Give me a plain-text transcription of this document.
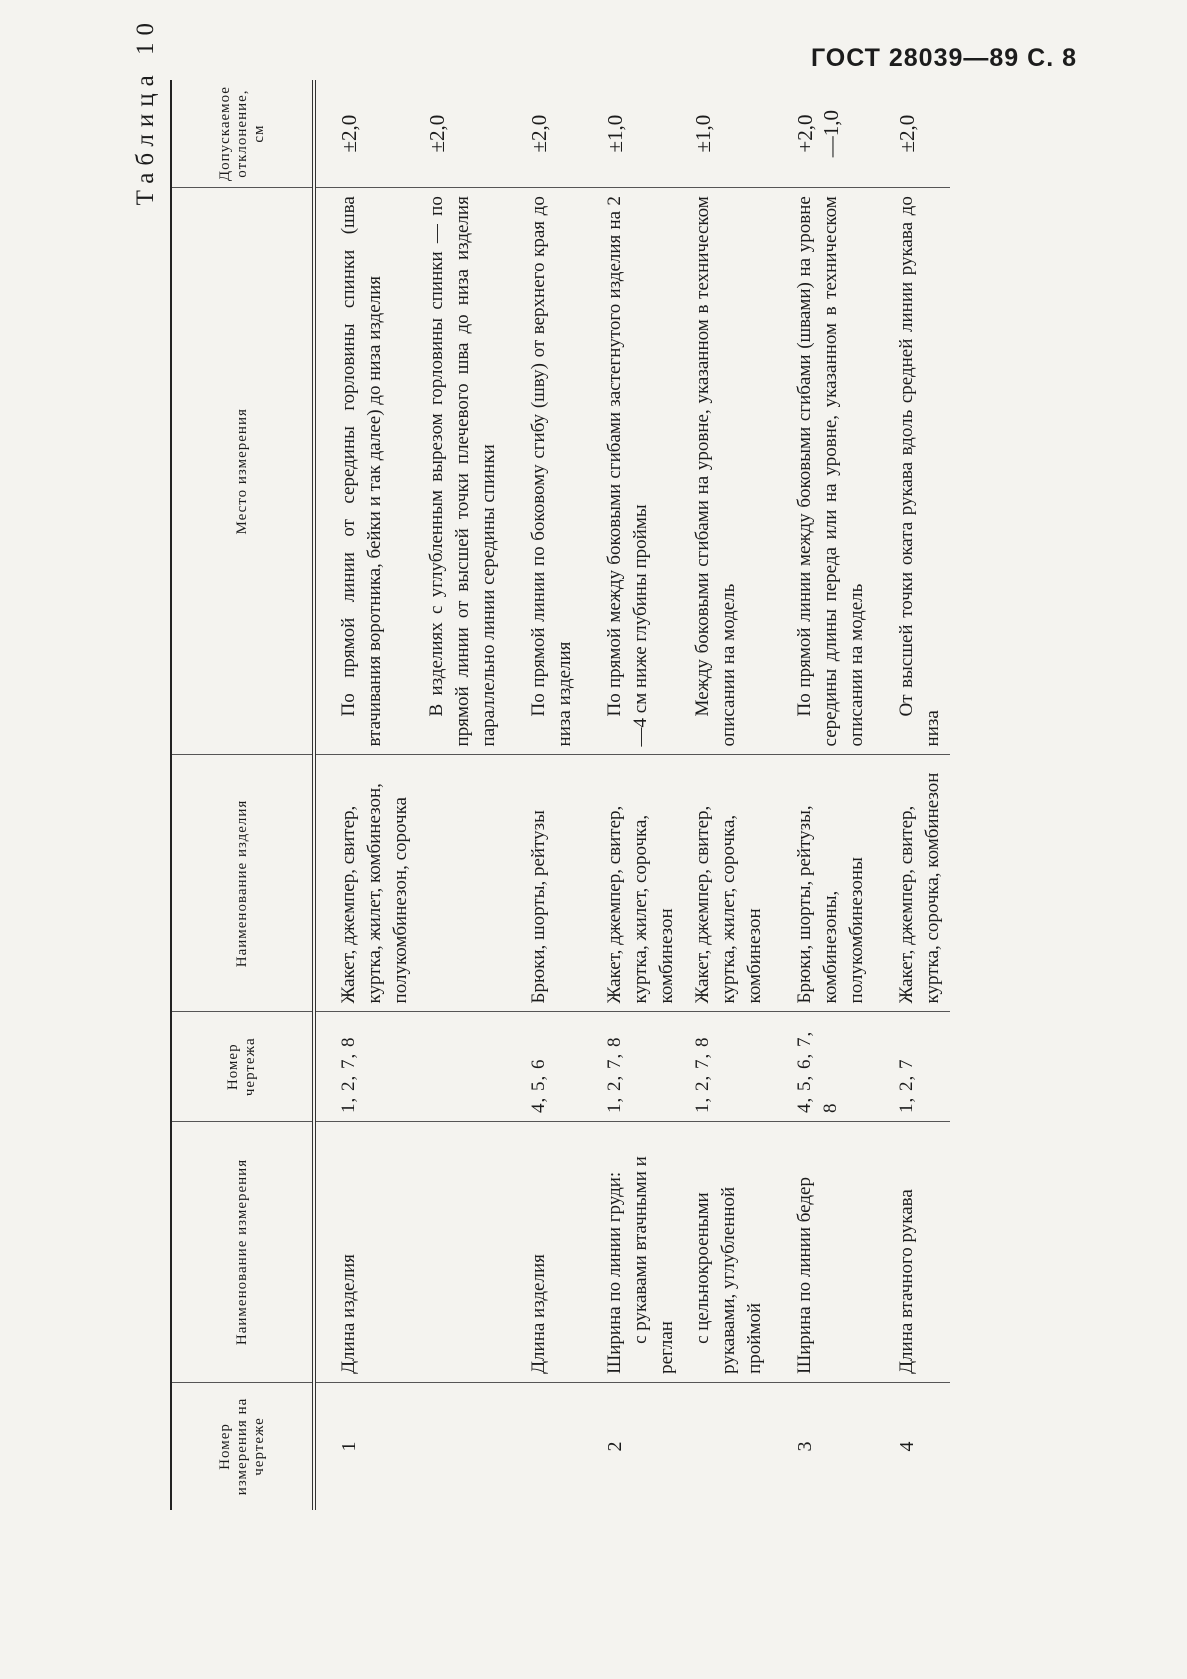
ГОСТ 28039—89 С. 8
Таблица 10
Номер измерения на чертеже	Наименование измерения	Номер чертежа	Наименование изделия	Место измерения	Допускаемое отклонение, см
1	Длина изделия	1, 2, 7, 8	Жакет, джемпер, свитер, куртка, жилет, комбинезон, полукомбинезон, сорочка	По прямой линии от середины горловины спинки (шва втачивания воротника, бейки и так далее) до низа изделия	±2,0

				В изделиях с углубленным вырезом горловины спинки — по прямой линии от высшей точки плечевого шва до низа изделия параллельно линии середины спинки	±2,0
	Длина изделия	4, 5, 6	Брюки, шорты, рейтузы	По прямой линии по боковому сгибу (шву) от верхнего края до низа изделия	±2,0
2	Ширина по линии груди: с рукавами втачными и реглан	1, 2, 7, 8	Жакет, джемпер, свитер, куртка, жилет, сорочка, комбинезон	По прямой между боковыми сгибами застегнутого изделия на 2—4 см ниже глубины проймы	±1,0

	с цельнокроеными рукавами, углубленной проймой	1, 2, 7, 8	Жакет, джемпер, свитер, куртка, жилет, сорочка, комбинезон	Между боковыми сгибами на уровне, указанном в техническом описании на модель	±1,0
3	Ширина по линии бедер	4, 5, 6, 7, 8	Брюки, шорты, рейтузы, комбинезоны, полукомбинезоны	По прямой линии между боковыми сгибами (швами) на уровне середины длины переда или на уровне, указанном в техническом описании на модель	+2,0 —1,0

4	Длина втачного рукава	1, 2, 7	Жакет, джемпер, свитер, куртка, сорочка, комбинезон	От высшей точки оката рукава вдоль средней линии рукава до низа	±2,0
